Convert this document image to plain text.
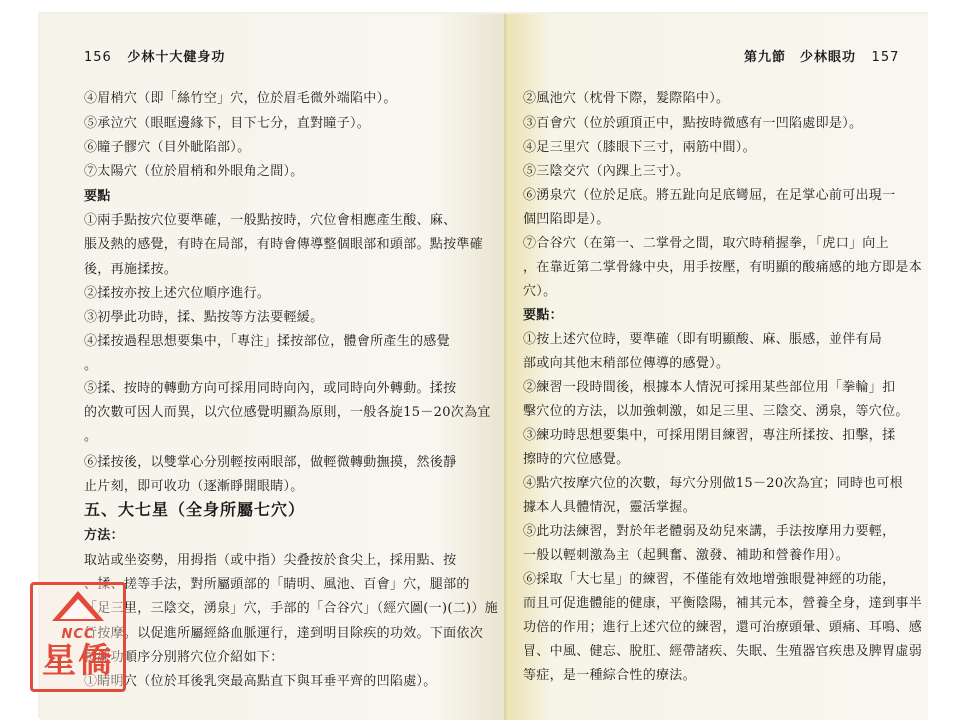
156 少林十大健身功	第九節　少林眼功 157
④眉梢穴（即「絲竹空」穴，位於眉毛微外端陷中）。
⑤承泣穴（眼眶邊緣下，目下七分，直對瞳子）。
⑥瞳子髎穴（目外眦陷部）。
⑦太陽穴（位於眉梢和外眼角之間）。
要點
①兩手點按穴位要準確，一般點按時，穴位會相應產生酸、麻、
脹及熱的感覺，有時在局部，有時會傳導整個眼部和頭部。點按準確
後，再施揉按。
②揉按亦按上述穴位順序進行。
③初學此功時，揉、點按等方法要輕緩。
④揉按過程思想要集中，「專注」揉按部位，體會所產生的感覺
。
⑤揉、按時的轉動方向可採用同時向內，或同時向外轉動。揉按
的次數可因人而異，以穴位感覺明顯為原則，一般各旋15－20次為宜
。
⑥揉按後，以雙掌心分別輕按兩眼部，做輕微轉動撫摸，然後靜
止片刻，即可收功（逐漸睜開眼睛）。
五、大七星（全身所屬七穴）
方法：
取站或坐姿勢，用拇指（或中指）尖叠按於食尖上，採用點、按
、揉、搓等手法，對所屬頭部的「睛明、風池、百會」穴，腿部的
「足三里，三陰交，湧泉」穴，手部的「合谷穴」（經穴圖(一)(二)）施
行按摩。以促進所屬經絡血脈運行，達到明目除疾的功效。下面依次
按練功順序分別將穴位介紹如下：
①睛明穴（位於耳後乳突最高點直下與耳垂平齊的凹陷處）。
②風池穴（枕骨下際，髮際陷中）。
③百會穴（位於頭頂正中，點按時微感有一凹陷處即是）。
④足三里穴（膝眼下三寸，兩筋中間）。
⑤三陰交穴（內踝上三寸）。
⑥湧泉穴（位於足底。將五趾向足底彎屈，在足掌心前可出現一
個凹陷即是）。
⑦合谷穴（在第一、二掌骨之間，取穴時稍握拳，「虎口」向上
，在靠近第二掌骨緣中央，用手按壓，有明顯的酸痛感的地方即是本
穴）。
要點：
①按上述穴位時，要準確（即有明顯酸、麻、脹感，並伴有局
部或向其他末稍部位傳導的感覺）。
②練習一段時間後，根據本人情況可採用某些部位用「拳輪」扣
擊穴位的方法，以加強刺激，如足三里、三陰交、湧泉，等穴位。
③練功時思想要集中，可採用閉目練習，專注所揉按、扣擊，揉
擦時的穴位感覺。
④點穴按摩穴位的次數，每穴分別做15－20次為宜；同時也可根
據本人具體情況，靈活掌握。
⑤此功法練習，對於年老體弱及幼兒來講，手法按摩用力要輕，
一般以輕刺激為主（起興奮、激發、補助和營養作用）。
⑥採取「大七星」的練習，不僅能有效地增強眼覺神經的功能，
而且可促進體能的健康，平衡陰陽，補其元本，營養全身，達到事半
功倍的作用；進行上述穴位的練習，還可治療頭暈、頭痛、耳鳴、感
冒、中風、健忘、脫肛、經帶諸疾、失眠、生殖器官疾患及脾胃虛弱
等症，是一種綜合性的療法。
NCC
星僑
